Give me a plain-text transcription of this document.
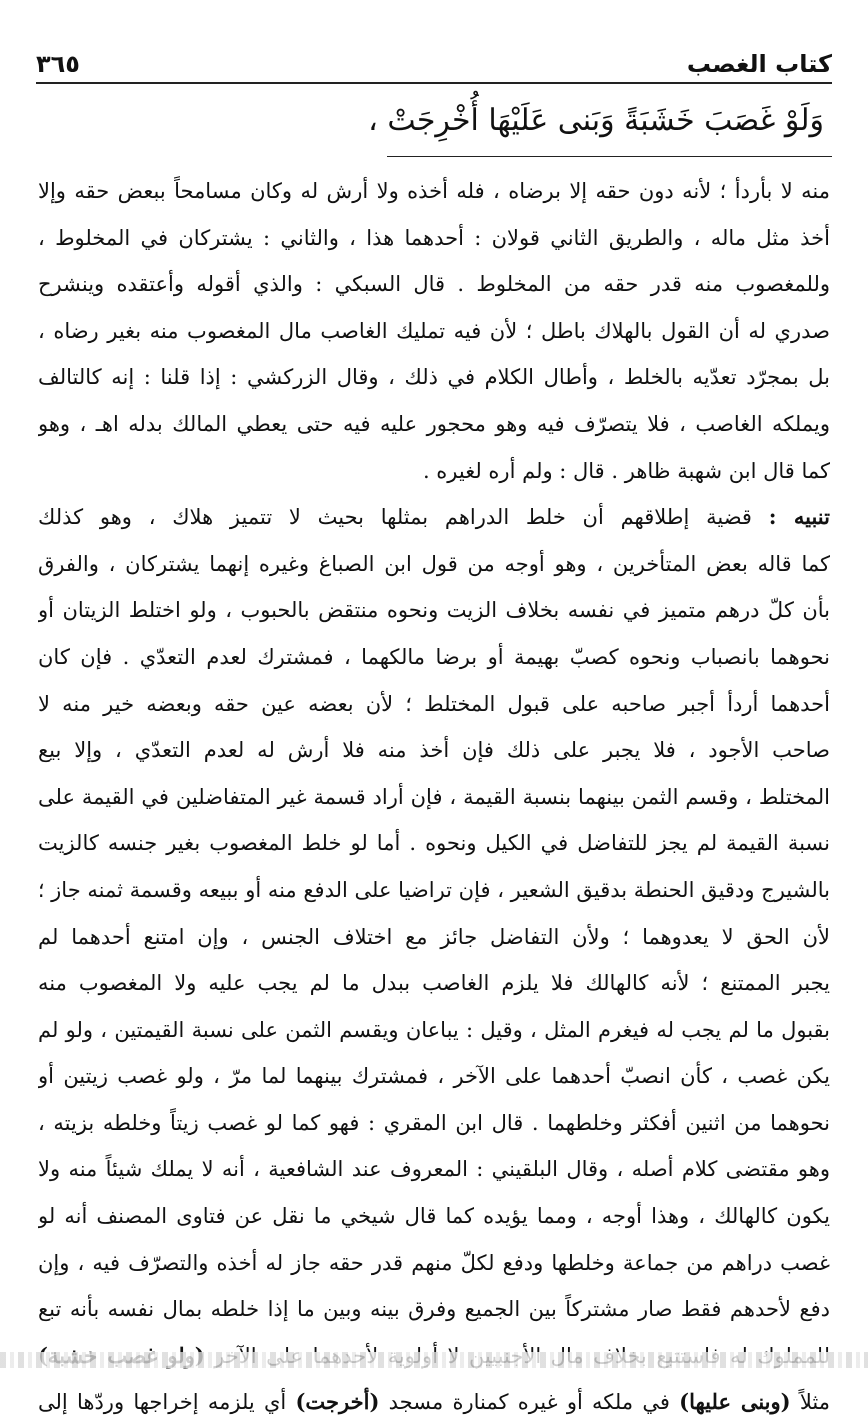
كتاب الغصب
٣٦٥
وَلَوْ غَصَبَ خَشَبَةً وَبَنى عَلَيْهَا أُخْرِجَتْ ،
منه لا بأردأ ؛ لأنه دون حقه إلا برضاه ، فله أخذه ولا أرش له وكان مسامحاً ببعض حقه وإلا
أخذ مثل ماله ، والطريق الثاني قولان : أحدهما هذا ، والثاني : يشتركان في المخلوط ،
وللمغصوب منه قدر حقه من المخلوط . قال السبكي : والذي أقوله وأعتقده وينشرح
صدري له أن القول بالهلاك باطل ؛ لأن فيه تمليك الغاصب مال المغصوب منه بغير رضاه ،
بل بمجرّد تعدّيه بالخلط ، وأطال الكلام في ذلك ، وقال الزركشي : إذا قلنا : إنه كالتالف
ويملكه الغاصب ، فلا يتصرّف فيه وهو محجور عليه فيه حتى يعطي المالك بدله اهـ ، وهو
كما قال ابن شهبة ظاهر . قال : ولم أره لغيره .
تنبيه : قضية إطلاقهم أن خلط الدراهم بمثلها بحيث لا تتميز هلاك ، وهو كذلك
كما قاله بعض المتأخرين ، وهو أوجه من قول ابن الصباغ وغيره إنهما يشتركان ، والفرق
بأن كلّ درهم متميز في نفسه بخلاف الزيت ونحوه منتقض بالحبوب ، ولو اختلط الزيتان أو
نحوهما بانصباب ونحوه كصبّ بهيمة أو برضا مالكهما ، فمشترك لعدم التعدّي . فإن كان
أحدهما أردأ أجبر صاحبه على قبول المختلط ؛ لأن بعضه عين حقه وبعضه خير منه لا
صاحب الأجود ، فلا يجبر على ذلك فإن أخذ منه فلا أرش له لعدم التعدّي ، وإلا بيع
المختلط ، وقسم الثمن بينهما بنسبة القيمة ، فإن أراد قسمة غير المتفاضلين في القيمة على
نسبة القيمة لم يجز للتفاضل في الكيل ونحوه . أما لو خلط المغصوب بغير جنسه كالزيت
بالشيرج ودقيق الحنطة بدقيق الشعير ، فإن تراضيا على الدفع منه أو ببيعه وقسمة ثمنه جاز ؛
لأن الحق لا يعدوهما ؛ ولأن التفاضل جائز مع اختلاف الجنس ، وإن امتنع أحدهما لم
يجبر الممتنع ؛ لأنه كالهالك فلا يلزم الغاصب ببدل ما لم يجب عليه ولا المغصوب منه
بقبول ما لم يجب له فيغرم المثل ، وقيل : يباعان ويقسم الثمن على نسبة القيمتين ، ولو لم
يكن غصب ، كأن انصبّ أحدهما على الآخر ، فمشترك بينهما لما مرّ ، ولو غصب زيتين أو
نحوهما من اثنين أفكثر وخلطهما . قال ابن المقري : فهو كما لو غصب زيتاً وخلطه بزيته ،
وهو مقتضى كلام أصله ، وقال البلقيني : المعروف عند الشافعية ، أنه لا يملك شيئاً منه ولا
يكون كالهالك ، وهذا أوجه ، ومما يؤيده كما قال شيخي ما نقل عن فتاوى المصنف أنه لو
غصب دراهم من جماعة وخلطها ودفع لكلّ منهم قدر حقه جاز له أخذه والتصرّف فيه ، وإن
دفع لأحدهم فقط صار مشتركاً بين الجميع وفرق بينه وبين ما إذا خلطه بمال نفسه بأنه تبع
مثلاً (وبنى عليها) في ملكه أو غيره كمنارة مسجد (أخرجت) أي يلزمه إخراجها وردّها إلى
